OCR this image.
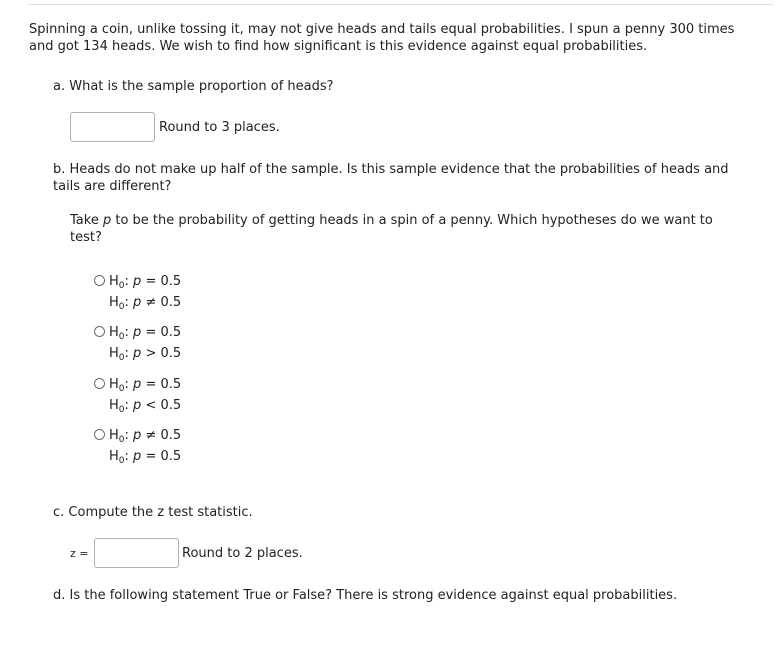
Spinning a coin, unlike tossing it, may not give heads and tails equal probabilities. I spun a penny 300 times and got 134 heads. We wish to find how significant is this evidence against equal probabilities.
a. What is the sample proportion of heads?
Round to 3 places.
b. Heads do not make up half of the sample. Is this sample evidence that the probabilities of heads and tails are different?
Take p to be the probability of getting heads in a spin of a penny. Which hypotheses do we want to test?
$H_0$: p = 0.5
$H_0$: p ≠ 0.5
$H_0$: p = 0.5
$H_0$: p > 0.5
$H_0$: p = 0.5
$H_0$: p < 0.5
$H_0$: p ≠ 0.5
$H_0$: p = 0.5
c. Compute the z test statistic.
z =	Round to 2 places.
d. Is the following statement True or False? There is strong evidence against equal probabilities.
